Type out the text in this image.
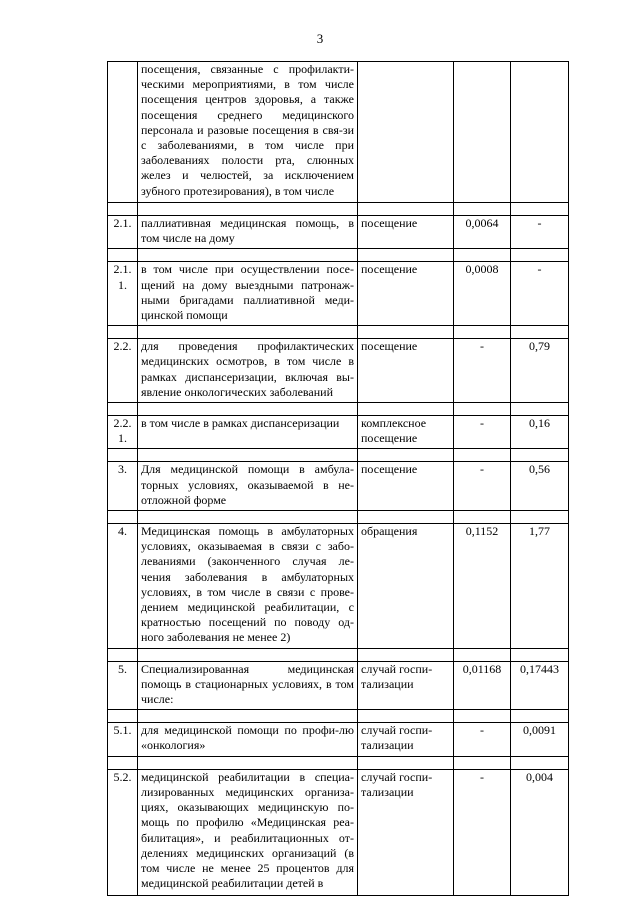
3
	посещения, связанные с профилакти-ческими мероприятиями, в том числе посещения центров здоровья, а также посещения среднего медицинского персонала и разовые посещения в свя-зи с заболеваниями, в том числе при заболеваниях полости рта, слюнных желез и челюстей, за исключением зубного протезирования), в том числе			

2.1.	паллиативная медицинская помощь, в том числе на дому	посещение	0,0064	-

2.1. 1.	в том числе при осуществлении посе-щений на дому выездными патронаж-ными бригадами паллиативной меди-цинской помощи	посещение	0,0008	-

2.2.	для проведения профилактических медицинских осмотров, в том числе в рамках диспансеризации, включая вы-явление онкологических заболеваний	посещение	-	0,79

2.2. 1.	в том числе в рамках диспансеризации	комплексное посещение	-	0,16

3.	Для медицинской помощи в амбула-торных условиях, оказываемой в не-отложной форме	посещение	-	0,56

4.	Медицинская помощь в амбулаторных условиях, оказываемая в связи с забо-леваниями (законченного случая ле-чения заболевания в амбулаторных условиях, в том числе в связи с прове-дением медицинской реабилитации, с кратностью посещений по поводу од-ного заболевания не менее 2)	обращения	0,1152	1,77

5.	Специализированная медицинская помощь в стационарных условиях, в том числе:	случай госпи-тализации	0,01168	0,17443

5.1.	для медицинской помощи по профи-лю «онкология»	случай госпи-тализации	-	0,0091

5.2.	медицинской реабилитации в специа-лизированных медицинских организа-циях, оказывающих медицинскую по-мощь по профилю «Медицинская реа-билитация», и реабилитационных от-делениях медицинских организаций (в том числе не менее 25 процентов для медицинской реабилитации детей в	случай госпи-тализации	-	0,004
